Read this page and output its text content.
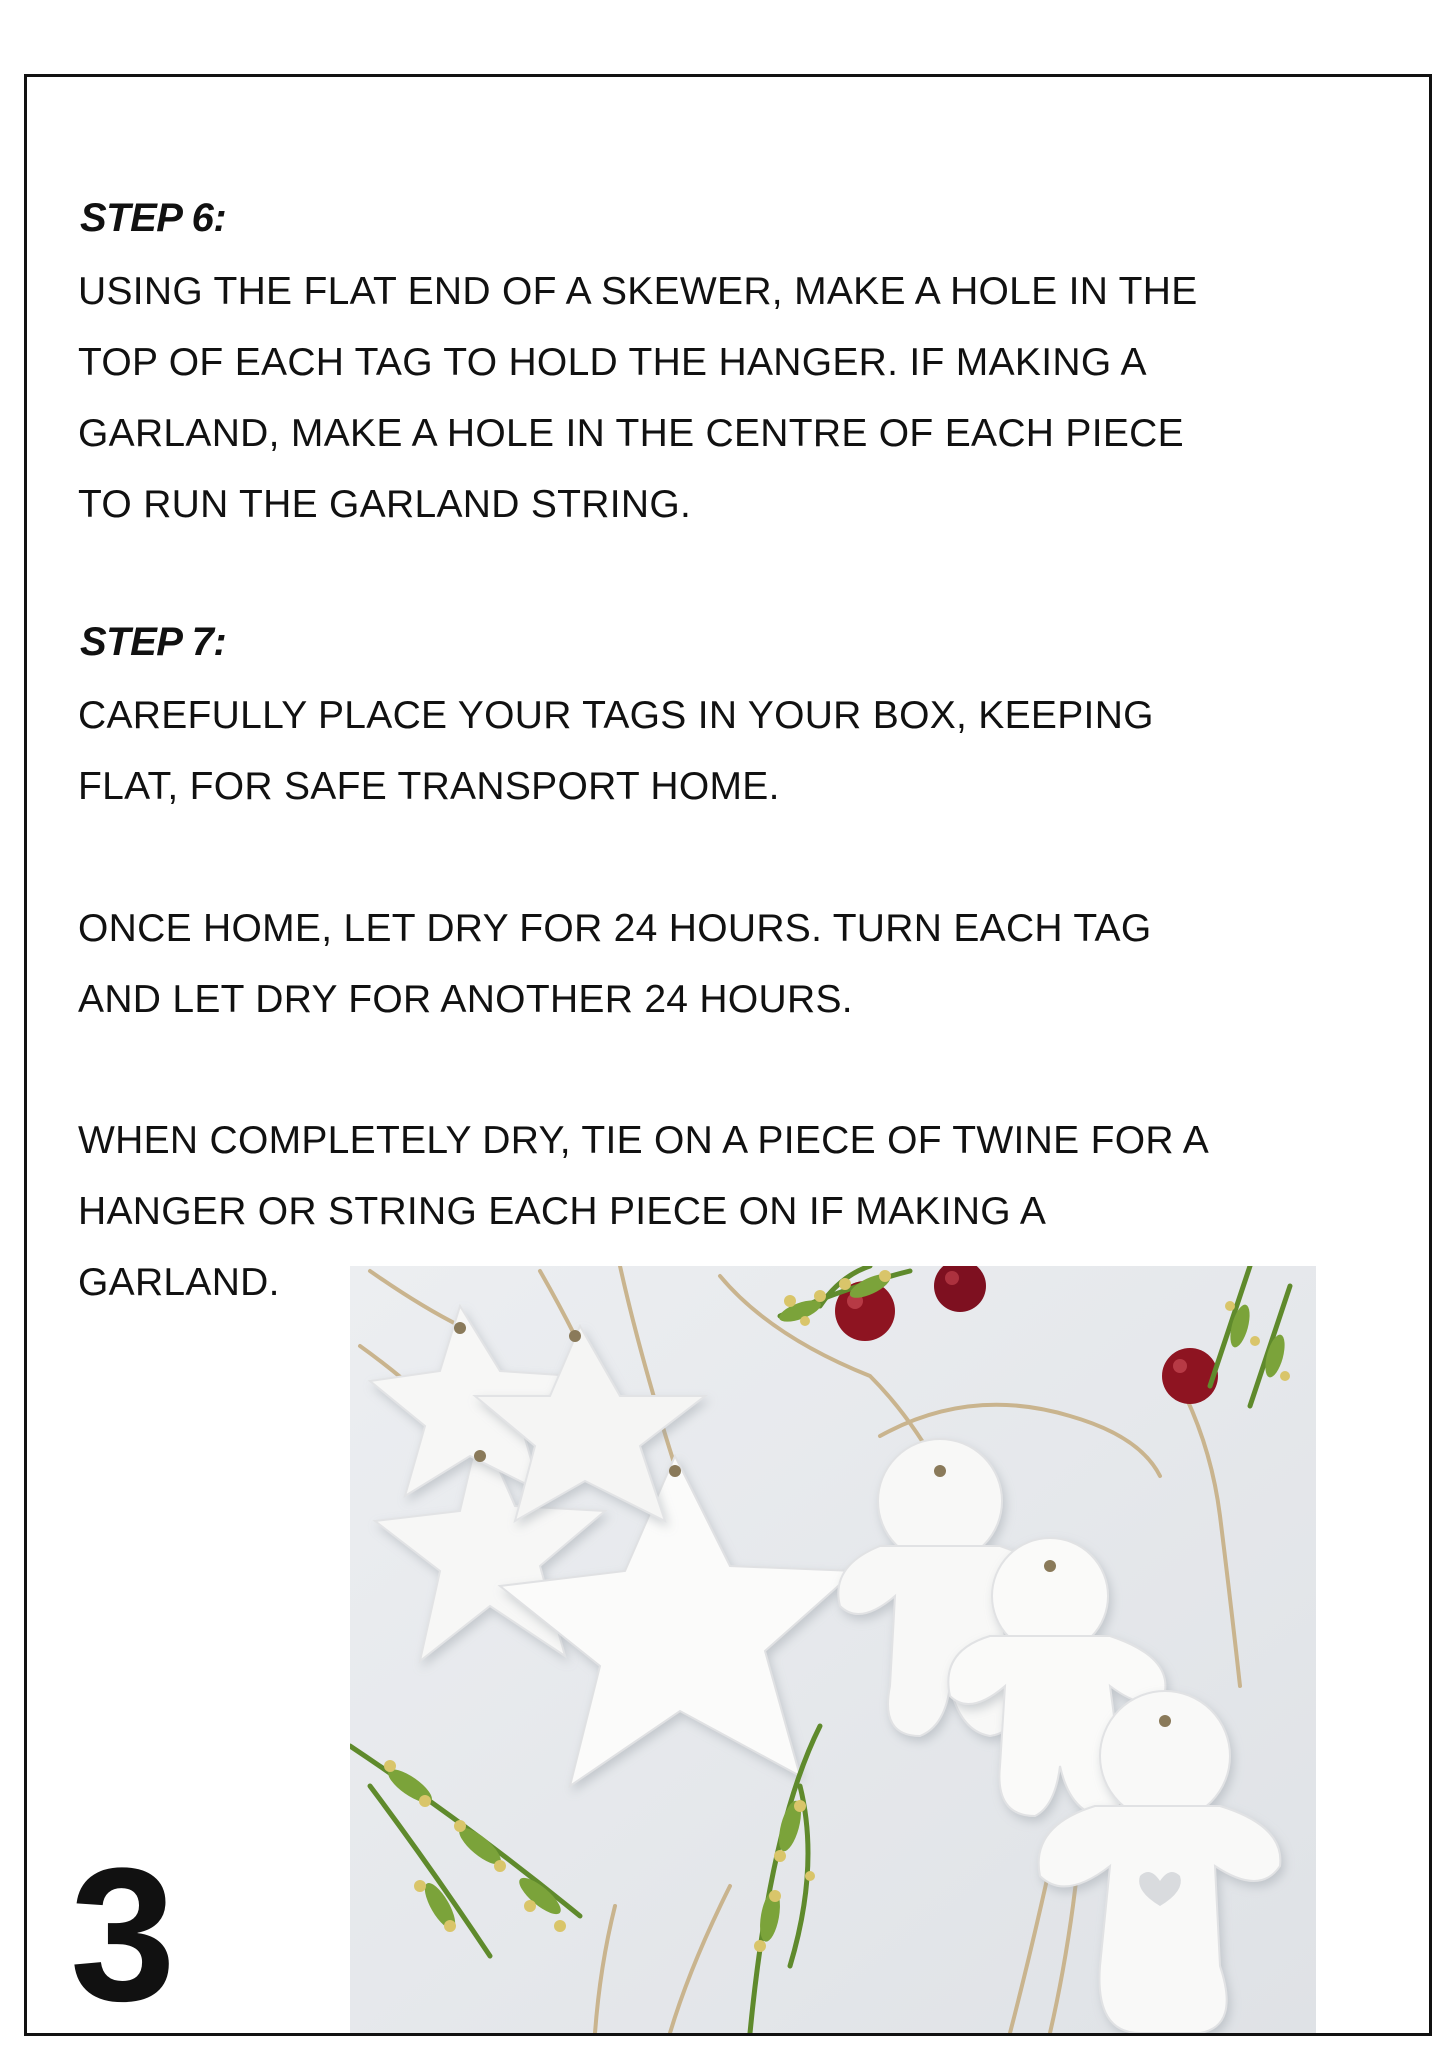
STEP 6:
USING THE FLAT END OF A SKEWER, MAKE A HOLE IN THE
TOP OF EACH TAG TO HOLD THE HANGER. IF MAKING A
GARLAND, MAKE A HOLE IN THE CENTRE OF EACH PIECE
TO RUN THE GARLAND STRING.
STEP 7:
CAREFULLY PLACE YOUR TAGS IN YOUR BOX, KEEPING
FLAT, FOR SAFE TRANSPORT HOME.
ONCE HOME, LET DRY FOR 24 HOURS. TURN EACH TAG
AND LET DRY FOR ANOTHER 24 HOURS.
WHEN COMPLETELY DRY, TIE ON A PIECE OF TWINE FOR A
HANGER OR STRING EACH PIECE ON IF MAKING A
GARLAND.
3
